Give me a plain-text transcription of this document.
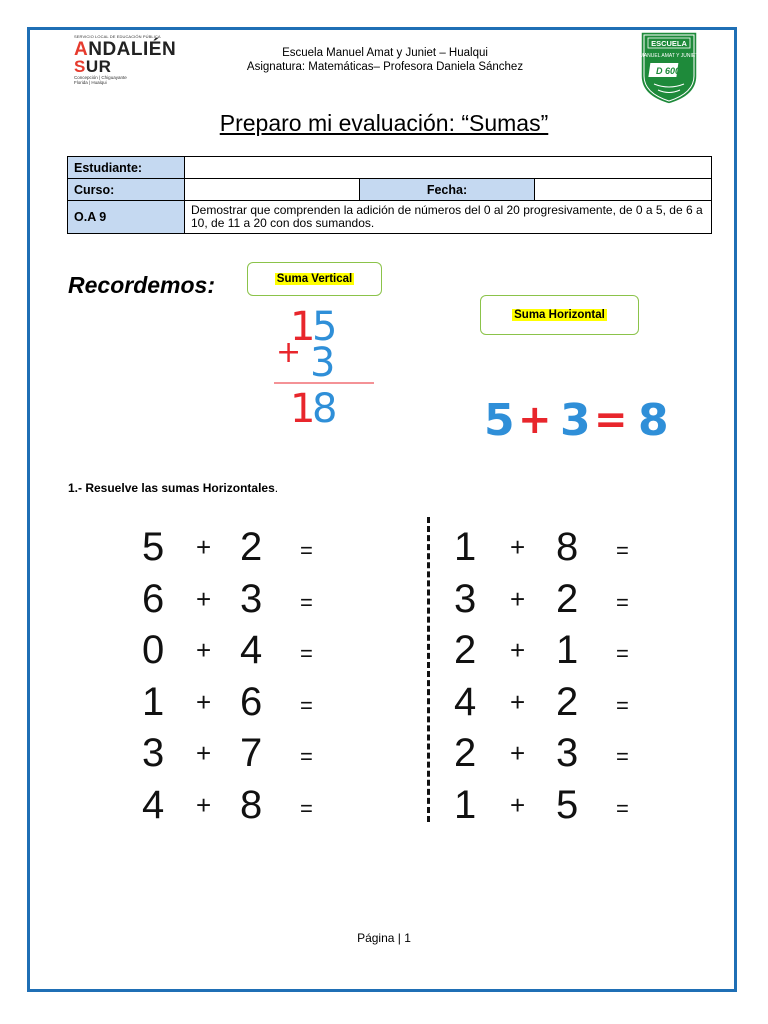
SERVICIO LOCAL DE EDUCACIÓN PÚBLICA
ANDALIÉN
SUR
Concepción | Chiguayante
Florida | Hualqui
Escuela Manuel Amat y Juniet – Hualqui
Asignatura: Matemáticas– Profesora Daniela Sánchez
ESCUELA
MANUEL AMAT Y JUNIET
D 600
Preparo mi evaluación: “Sumas”
Estudiante:			
Curso:		Fecha:	
O.A 9	Demostrar que comprenden la adición de números del 0 al 20 progresivamente, de 0 a 5, de 6 a 10, de 11 a 20 con dos sumandos.		
Recordemos:	Suma Vertical
Suma Horizontal
1
5
+ 3
1
8	5 + 3 = 8
1.- Resuelve las sumas Horizontales.
5 + 2 =
6 + 3 =
0 + 4 =
1 + 6 =
3 + 7 =
4 + 8 =
1 + 8 =
3 + 2 =
2 + 1 =
4 + 2 =
2 + 3 =
1 + 5 =
Página | 1
